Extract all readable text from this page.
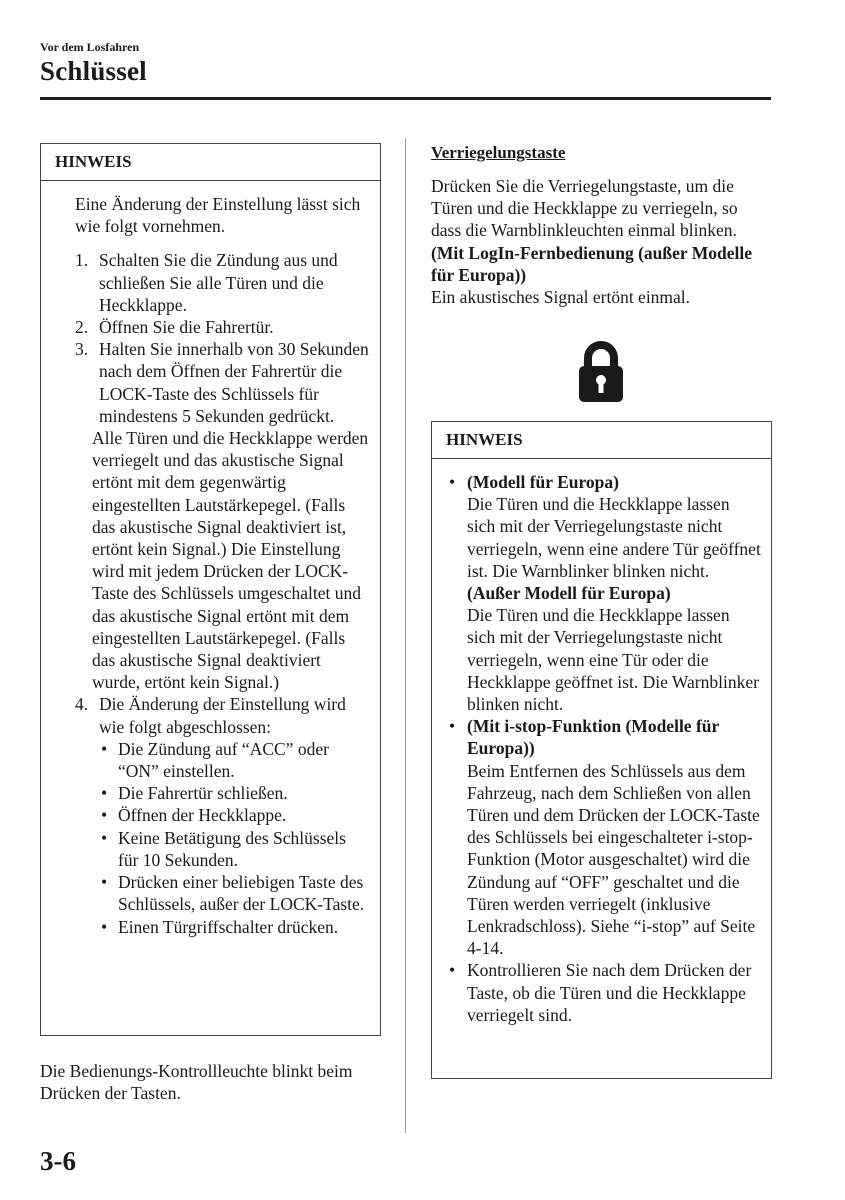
Vor dem Losfahren
Schlüssel
HINWEIS

Eine Änderung der Einstellung lässt sich wie folgt vornehmen.

1. Schalten Sie die Zündung aus und schließen Sie alle Türen und die Heckklappe.
2. Öffnen Sie die Fahrertür.
3. Halten Sie innerhalb von 30 Sekunden nach dem Öffnen der Fahrertür die LOCK-Taste des Schlüssels für mindestens 5 Sekunden gedrückt.
Alle Türen und die Heckklappe werden verriegelt und das akustische Signal ertönt mit dem gegenwärtig eingestellten Lautstärkepegel. (Falls das akustische Signal deaktiviert ist, ertönt kein Signal.) Die Einstellung wird mit jedem Drücken der LOCK-Taste des Schlüssels umgeschaltet und das akustische Signal ertönt mit dem eingestellten Lautstärkepegel. (Falls das akustische Signal deaktiviert wurde, ertönt kein Signal.)
4. Die Änderung der Einstellung wird wie folgt abgeschlossen:
• Die Zündung auf “ACC” oder “ON” einstellen.
• Die Fahrertür schließen.
• Öffnen der Heckklappe.
• Keine Betätigung des Schlüssels für 10 Sekunden.
• Drücken einer beliebigen Taste des Schlüssels, außer der LOCK-Taste.
• Einen Türgriffschalter drücken.
Die Bedienungs-Kontrollleuchte blinkt beim Drücken der Tasten.
Verriegelungstaste
Drücken Sie die Verriegelungstaste, um die Türen und die Heckklappe zu verriegeln, so dass die Warnblinkleuchten einmal blinken.
(Mit LogIn-Fernbedienung (außer Modelle für Europa))
Ein akustisches Signal ertönt einmal.
HINWEIS
• (Modell für Europa)
Die Türen und die Heckklappe lassen sich mit der Verriegelungstaste nicht verriegeln, wenn eine andere Tür geöffnet ist. Die Warnblinker blinken nicht.
(Außer Modell für Europa)
Die Türen und die Heckklappe lassen sich mit der Verriegelungstaste nicht verriegeln, wenn eine Tür oder die Heckklappe geöffnet ist. Die Warnblinker blinken nicht.
• (Mit i-stop-Funktion (Modelle für Europa))
Beim Entfernen des Schlüssels aus dem Fahrzeug, nach dem Schließen von allen Türen und dem Drücken der LOCK-Taste des Schlüssels bei eingeschalteter i-stop-Funktion (Motor ausgeschaltet) wird die Zündung auf “OFF” geschaltet und die Türen werden verriegelt (inklusive Lenkradschloss). Siehe “i-stop” auf Seite 4-14.
• Kontrollieren Sie nach dem Drücken der Taste, ob die Türen und die Heckklappe verriegelt sind.
3-6
